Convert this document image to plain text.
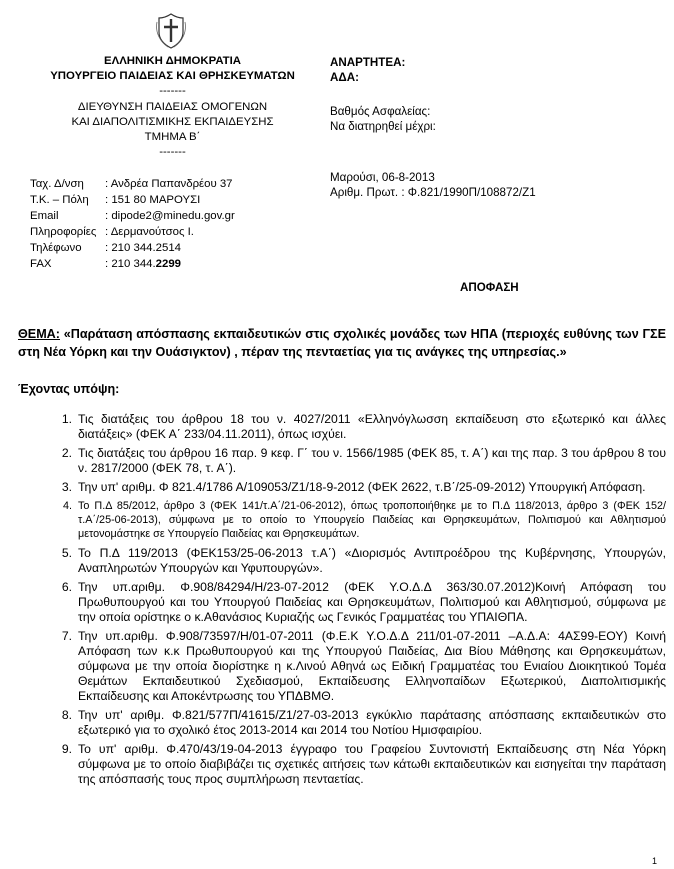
ΕΛΛΗΝΙΚΗ ΔΗΜΟΚΡΑΤΙΑ
ΥΠΟΥΡΓΕΙΟ ΠΑΙΔΕΙΑΣ ΚΑΙ ΘΡΗΣΚΕΥΜΑΤΩΝ
-------
ΔΙΕΥΘΥΝΣΗ ΠΑΙΔΕΙΑΣ ΟΜΟΓΕΝΩΝ
ΚΑΙ ΔΙΑΠΟΛΙΤΙΣΜΙΚΗΣ ΕΚΠΑΙΔΕΥΣΗΣ
ΤΜΗΜΑ Β΄
-------
Ταχ. Δ/νση	: Ανδρέα Παπανδρέου 37
Τ.Κ. – Πόλη	: 151 80 ΜΑΡΟΥΣΙ
Email	: dipode2@minedu.gov.gr
Πληροφορίες : Δερμανούτσος Ι.
Τηλέφωνο	: 210 344.2514
FAX	: 210 344.2299
ΑΝΑΡΤΗΤΕΑ:
ΑΔΑ:
Βαθμός Ασφαλείας:
Να διατηρηθεί μέχρι:
Μαρούσι, 06-8-2013
Αριθμ. Πρωτ. : Φ.821/1990Π/108872/Ζ1
ΑΠΟΦΑΣΗ
ΘΕΜΑ: «Παράταση απόσπασης εκπαιδευτικών στις σχολικές μονάδες των ΗΠΑ (περιοχές ευθύνης των ΓΣΕ στη Νέα Υόρκη και την Ουάσιγκτον) , πέραν της πενταετίας για τις ανάγκες της υπηρεσίας.»
Έχοντας υπόψη:
1. Τις διατάξεις του άρθρου 18 του ν. 4027/2011 «Ελληνόγλωσση εκπαίδευση στο εξωτερικό και άλλες διατάξεις» (ΦΕΚ Α΄ 233/04.11.2011), όπως ισχύει.
2. Τις διατάξεις του άρθρου 16 παρ. 9 κεφ. Γ΄ του ν. 1566/1985 (ΦΕΚ 85, τ. Α΄) και της παρ. 3 του άρθρου 8 του ν. 2817/2000 (ΦΕΚ 78, τ. Α΄).
3. Την υπ' αριθμ. Φ 821.4/1786 Α/109053/Ζ1/18-9-2012 (ΦΕΚ 2622, τ.Β΄/25-09-2012) Υπουργική Απόφαση.
4. Το Π.Δ 85/2012, άρθρο 3 (ΦΕΚ 141/τ.Α΄/21-06-2012), όπως τροποποιήθηκε με το Π.Δ 118/2013, άρθρο 3 (ΦΕΚ 152/τ.Α΄/25-06-2013), σύμφωνα με το οποίο το Υπουργείο Παιδείας και Θρησκευμάτων, Πολιτισμού και Αθλητισμού μετονομάστηκε σε Υπουργείο Παιδείας και Θρησκευμάτων.
5. Το Π.Δ 119/2013 (ΦΕΚ153/25-06-2013 τ.Α΄) «Διορισμός Αντιπροέδρου της Κυβέρνησης, Υπουργών, Αναπληρωτών Υπουργών και Υφυπουργών».
6. Την υπ.αριθμ. Φ.908/84294/Η/23-07-2012 (ΦΕΚ Υ.Ο.Δ.Δ 363/30.07.2012)Κοινή Απόφαση του Πρωθυπουργού και του Υπουργού Παιδείας και Θρησκευμάτων, Πολιτισμού και Αθλητισμού, σύμφωνα με την οποία ορίστηκε ο κ.Αθανάσιος Κυριαζής ως Γενικός Γραμματέας του ΥΠΑΙΘΠΑ.
7. Την υπ.αριθμ. Φ.908/73597/Η/01-07-2011 (Φ.Ε.Κ Υ.Ο.Δ.Δ 211/01-07-2011 –Α.Δ.Α: 4ΑΣ99-ΕΟΥ) Κοινή Απόφαση των κ.κ Πρωθυπουργού και της Υπουργού Παιδείας, Δια Βίου Μάθησης και Θρησκευμάτων, σύμφωνα με την οποία διορίστηκε η κ.Λινού Αθηνά ως Ειδική Γραμματέας του Ενιαίου Διοικητικού Τομέα Θεμάτων Εκπαιδευτικού Σχεδιασμού, Εκπαίδευσης Ελληνοπαίδων Εξωτερικού, Διαπολιτισμικής Εκπαίδευσης και Αποκέντρωσης του ΥΠΔΒΜΘ.
8. Την υπ' αριθμ. Φ.821/577Π/41615/Ζ1/27-03-2013 εγκύκλιο παράτασης απόσπασης εκπαιδευτικών στο εξωτερικό για το σχολικό έτος 2013-2014 και 2014 του Νοτίου Ημισφαιρίου.
9. Το υπ' αριθμ. Φ.470/43/19-04-2013 έγγραφο του Γραφείου Συντονιστή Εκπαίδευσης στη Νέα Υόρκη σύμφωνα με το οποίο διαβιβάζει τις σχετικές αιτήσεις των κάτωθι εκπαιδευτικών και εισηγείται την παράταση της απόσπασής τους προς συμπλήρωση πενταετίας.
1
